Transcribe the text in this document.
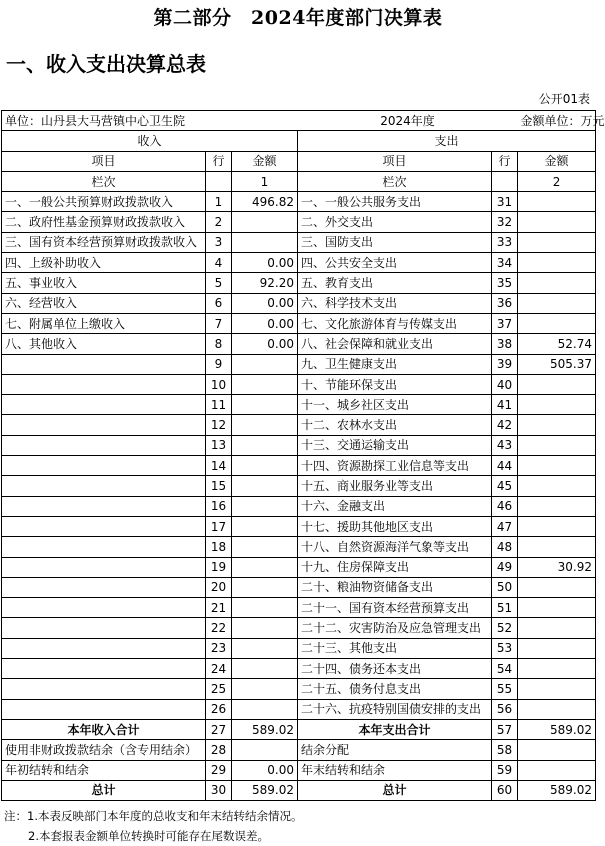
第二部分　2024年度部门决算表
一、收入支出决算总表
公开01表
单位：山丹县大马营镇中心卫生院			2024年度		金额单位：万元
收入			支出		
项目	行	金额	项目	行	金额
栏次		1	栏次		2
一、一般公共预算财政拨款收入	1	496.82	一、一般公共服务支出	31	
二、政府性基金预算财政拨款收入	2		二、外交支出	32	
三、国有资本经营预算财政拨款收入	3		三、国防支出	33	
四、上级补助收入	4	0.00	四、公共安全支出	34	
五、事业收入	5	92.20	五、教育支出	35	
六、经营收入	6	0.00	六、科学技术支出	36	
七、附属单位上缴收入	7	0.00	七、文化旅游体育与传媒支出	37	
八、其他收入	8	0.00	八、社会保障和就业支出	38	52.74
	9		九、卫生健康支出	39	505.37
	10		十、节能环保支出	40	
	11		十一、城乡社区支出	41	
	12		十二、农林水支出	42	
	13		十三、交通运输支出	43	
	14		十四、资源勘探工业信息等支出	44	
	15		十五、商业服务业等支出	45	
	16		十六、金融支出	46	
	17		十七、援助其他地区支出	47	
	18		十八、自然资源海洋气象等支出	48	
	19		十九、住房保障支出	49	30.92
	20		二十、粮油物资储备支出	50	
	21		二十一、国有资本经营预算支出	51	
	22		二十二、灾害防治及应急管理支出	52	
	23		二十三、其他支出	53	
	24		二十四、债务还本支出	54	
	25		二十五、债务付息支出	55	
	26		二十六、抗疫特别国债安排的支出	56	
本年收入合计	27	589.02	本年支出合计	57	589.02
使用非财政拨款结余（含专用结余）	28		结余分配	58	
年初结转和结余	29	0.00	年末结转和结余	59	
总计	30	589.02	总计	60	589.02
注：1.本表反映部门本年度的总收支和年末结转结余情况。
2.本套报表金额单位转换时可能存在尾数误差。
